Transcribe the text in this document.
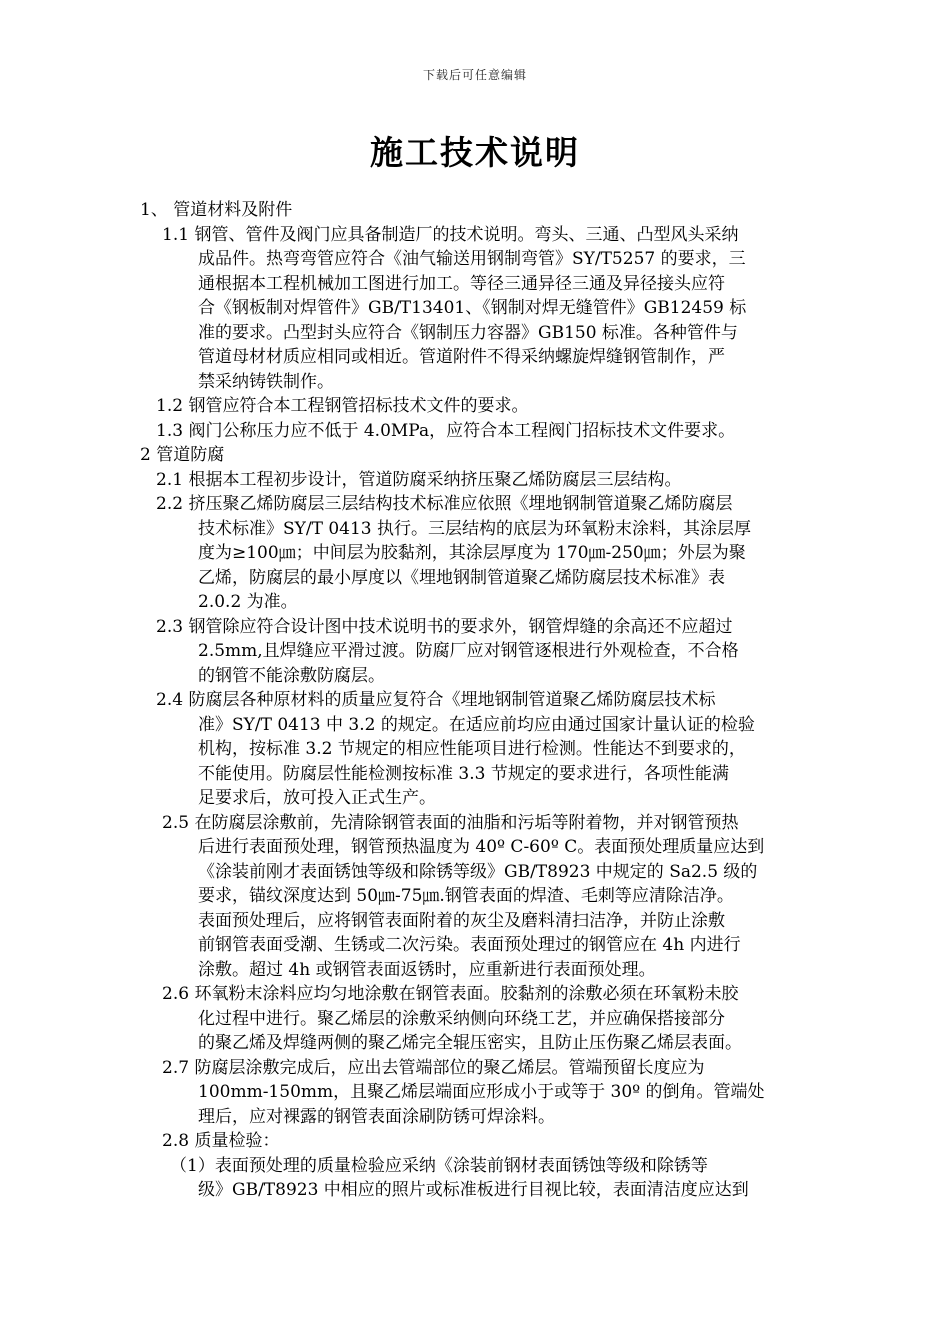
下载后可任意编辑
施工技术说明
1、 管道材料及附件
1.1 钢管、管件及阀门应具备制造厂的技术说明。弯头、三通、凸型风头采纳
成品件。热弯弯管应符合《油气输送用钢制弯管》SY/T5257 的要求，三
通根据本工程机械加工图进行加工。等径三通异径三通及异径接头应符
合《钢板制对焊管件》GB/T13401、《钢制对焊无缝管件》GB12459 标
准的要求。凸型封头应符合《钢制压力容器》GB150 标准。各种管件与
管道母材材质应相同或相近。管道附件不得采纳螺旋焊缝钢管制作，严
禁采纳铸铁制作。
1.2 钢管应符合本工程钢管招标技术文件的要求。
1.3 阀门公称压力应不低于 4.0MPa，应符合本工程阀门招标技术文件要求。
2 管道防腐
2.1 根据本工程初步设计，管道防腐采纳挤压聚乙烯防腐层三层结构。
2.2 挤压聚乙烯防腐层三层结构技术标准应依照《埋地钢制管道聚乙烯防腐层
技术标准》SY/T 0413 执行。三层结构的底层为环氧粉末涂料，其涂层厚
度为≥100㎛；中间层为胶黏剂，其涂层厚度为 170㎛-250㎛；外层为聚
乙烯，防腐层的最小厚度以《埋地钢制管道聚乙烯防腐层技术标准》表
2.0.2 为准。
2.3 钢管除应符合设计图中技术说明书的要求外，钢管焊缝的余高还不应超过
2.5mm,且焊缝应平滑过渡。防腐厂应对钢管逐根进行外观检查，不合格
的钢管不能涂敷防腐层。
2.4 防腐层各种原材料的质量应复符合《埋地钢制管道聚乙烯防腐层技术标
准》SY/T 0413 中 3.2 的规定。在适应前均应由通过国家计量认证的检验
机构，按标准 3.2 节规定的相应性能项目进行检测。性能达不到要求的，
不能使用。防腐层性能检测按标准 3.3 节规定的要求进行，各项性能满
足要求后，放可投入正式生产。
2.5 在防腐层涂敷前，先清除钢管表面的油脂和污垢等附着物，并对钢管预热
后进行表面预处理，钢管预热温度为 40º C-60º C。表面预处理质量应达到
《涂装前刚才表面锈蚀等级和除锈等级》GB/T8923 中规定的 Sa2.5 级的
要求，锚纹深度达到 50㎛-75㎛.钢管表面的焊渣、毛刺等应清除洁净。
表面预处理后，应将钢管表面附着的灰尘及磨料清扫洁净，并防止涂敷
前钢管表面受潮、生锈或二次污染。表面预处理过的钢管应在 4h 内进行
涂敷。超过 4h 或钢管表面返锈时，应重新进行表面预处理。
2.6 环氧粉末涂料应均匀地涂敷在钢管表面。胶黏剂的涂敷必须在环氧粉未胶
化过程中进行。聚乙烯层的涂敷采纳侧向环绕工艺，并应确保搭接部分
的聚乙烯及焊缝两侧的聚乙烯完全辊压密实，且防止压伤聚乙烯层表面。
2.7 防腐层涂敷完成后，应出去管端部位的聚乙烯层。管端预留长度应为
100mm-150mm，且聚乙烯层端面应形成小于或等于 30º 的倒角。管端处
理后，应对裸露的钢管表面涂刷防锈可焊涂料。
2.8 质量检验：
（1）表面预处理的质量检验应采纳《涂装前钢材表面锈蚀等级和除锈等
级》GB/T8923 中相应的照片或标准板进行目视比较，表面清洁度应达到
